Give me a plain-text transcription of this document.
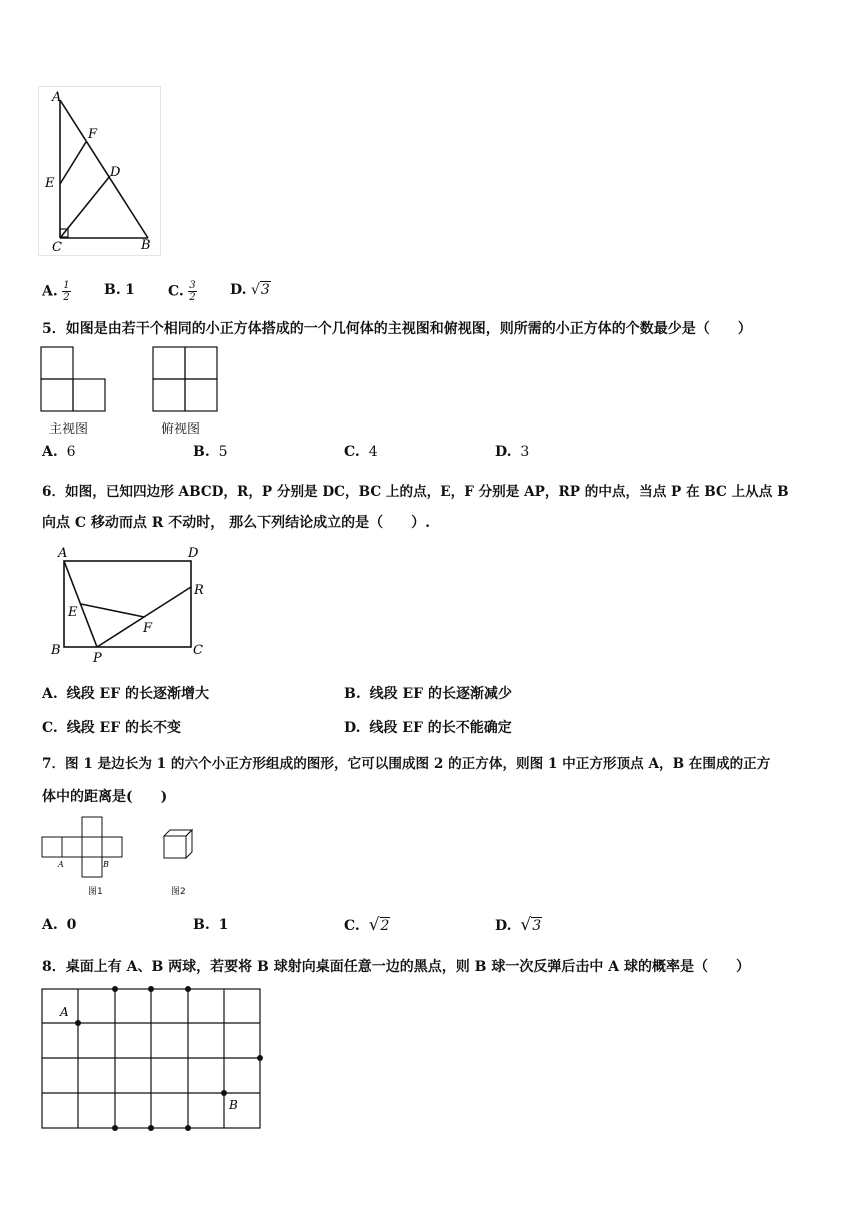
A
F
E
D
C	B
A. $\frac{1}{2} B$. 1 C. $\frac{3}{2} D$. √3
5．如图是由若干个相同的小正方体搭成的一个几何体的主视图和俯视图，则所需的小正方体的个数最少是（　　）
主视图	俯视图
A. 6	B. 5	C. 4	D. 3
6．如图，已知四边形 ABCD，R，P 分别是 DC，BC 上的点，E，F 分别是 AP，RP 的中点，当点 P 在 BC 上从点 B
向点 C 移动而点 R 不动时， 那么下列结论成立的是（　　）.
A	D
R
E
F
B
P
C
A. 线段 EF 的长逐渐增大	B. 线段 EF 的长逐渐减少
C. 线段 EF 的长不变	D. 线段 EF 的长不能确定
7．图 1 是边长为 1 的六个小正方形组成的图形，它可以围成图 2 的正方体，则图 1 中正方形顶点 A，B 在围成的正方
体中的距离是(　　)
A	B
图1	图2
A. 0	B. 1	C. √2	D. √3
8．桌面上有 A、B 两球，若要将 B 球射向桌面任意一边的黑点，则 B 球一次反弹后击中 A 球的概率是（　　）
A
B
